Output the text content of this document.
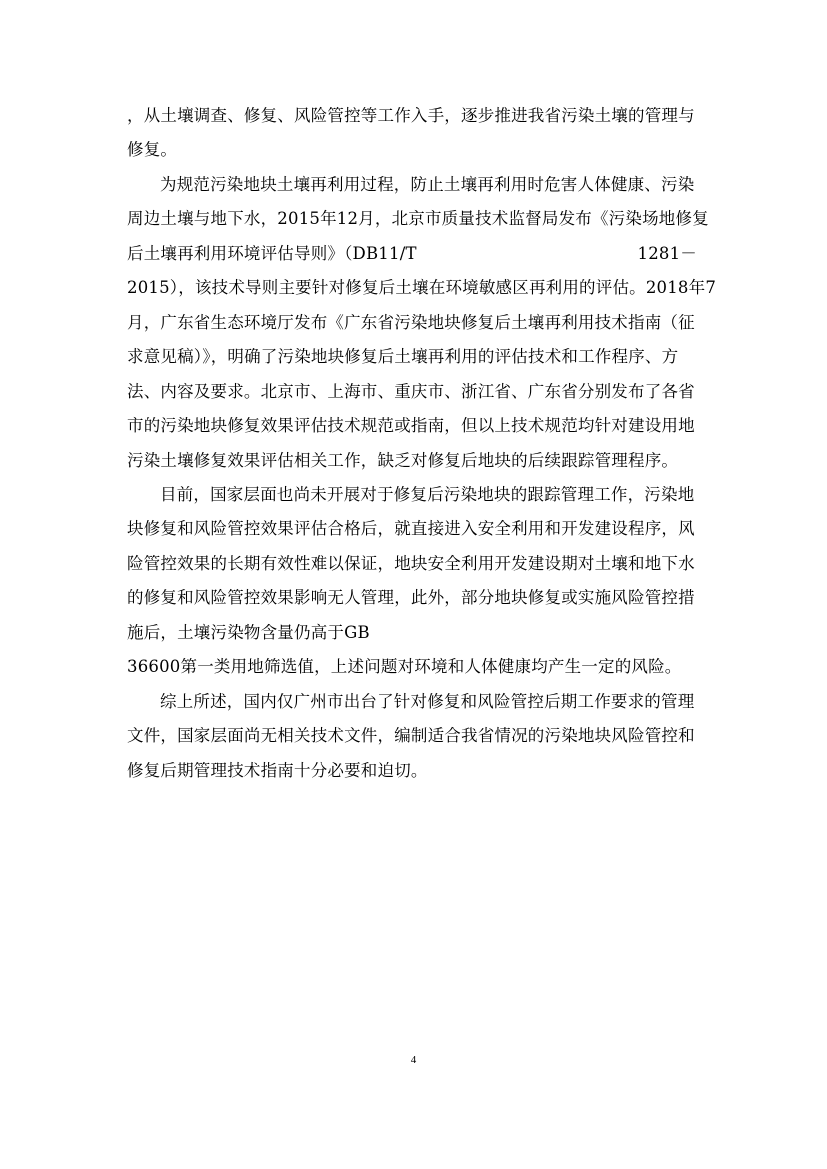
，从土壤调查、修复、风险管控等工作入手，逐步推进我省污染土壤的管理与
修复。
为规范污染地块土壤再利用过程，防止土壤再利用时危害人体健康、污染
周边土壤与地下水，2015年12月，北京市质量技术监督局发布《污染场地修复
后土壤再利用环境评估导则》（DB11/T	1281－
2015），该技术导则主要针对修复后土壤在环境敏感区再利用的评估。2018年7
月，广东省生态环境厅发布《广东省污染地块修复后土壤再利用技术指南（征
求意见稿）》，明确了污染地块修复后土壤再利用的评估技术和工作程序、方
法、内容及要求。北京市、上海市、重庆市、浙江省、广东省分别发布了各省
市的污染地块修复效果评估技术规范或指南，但以上技术规范均针对建设用地
污染土壤修复效果评估相关工作，缺乏对修复后地块的后续跟踪管理程序。
目前，国家层面也尚未开展对于修复后污染地块的跟踪管理工作，污染地
块修复和风险管控效果评估合格后，就直接进入安全利用和开发建设程序，风
险管控效果的长期有效性难以保证，地块安全利用开发建设期对土壤和地下水
的修复和风险管控效果影响无人管理，此外，部分地块修复或实施风险管控措
施后，土壤污染物含量仍高于GB
36600第一类用地筛选值，上述问题对环境和人体健康均产生一定的风险。
综上所述，国内仅广州市出台了针对修复和风险管控后期工作要求的管理
文件，国家层面尚无相关技术文件，编制适合我省情况的污染地块风险管控和
修复后期管理技术指南十分必要和迫切。
4
